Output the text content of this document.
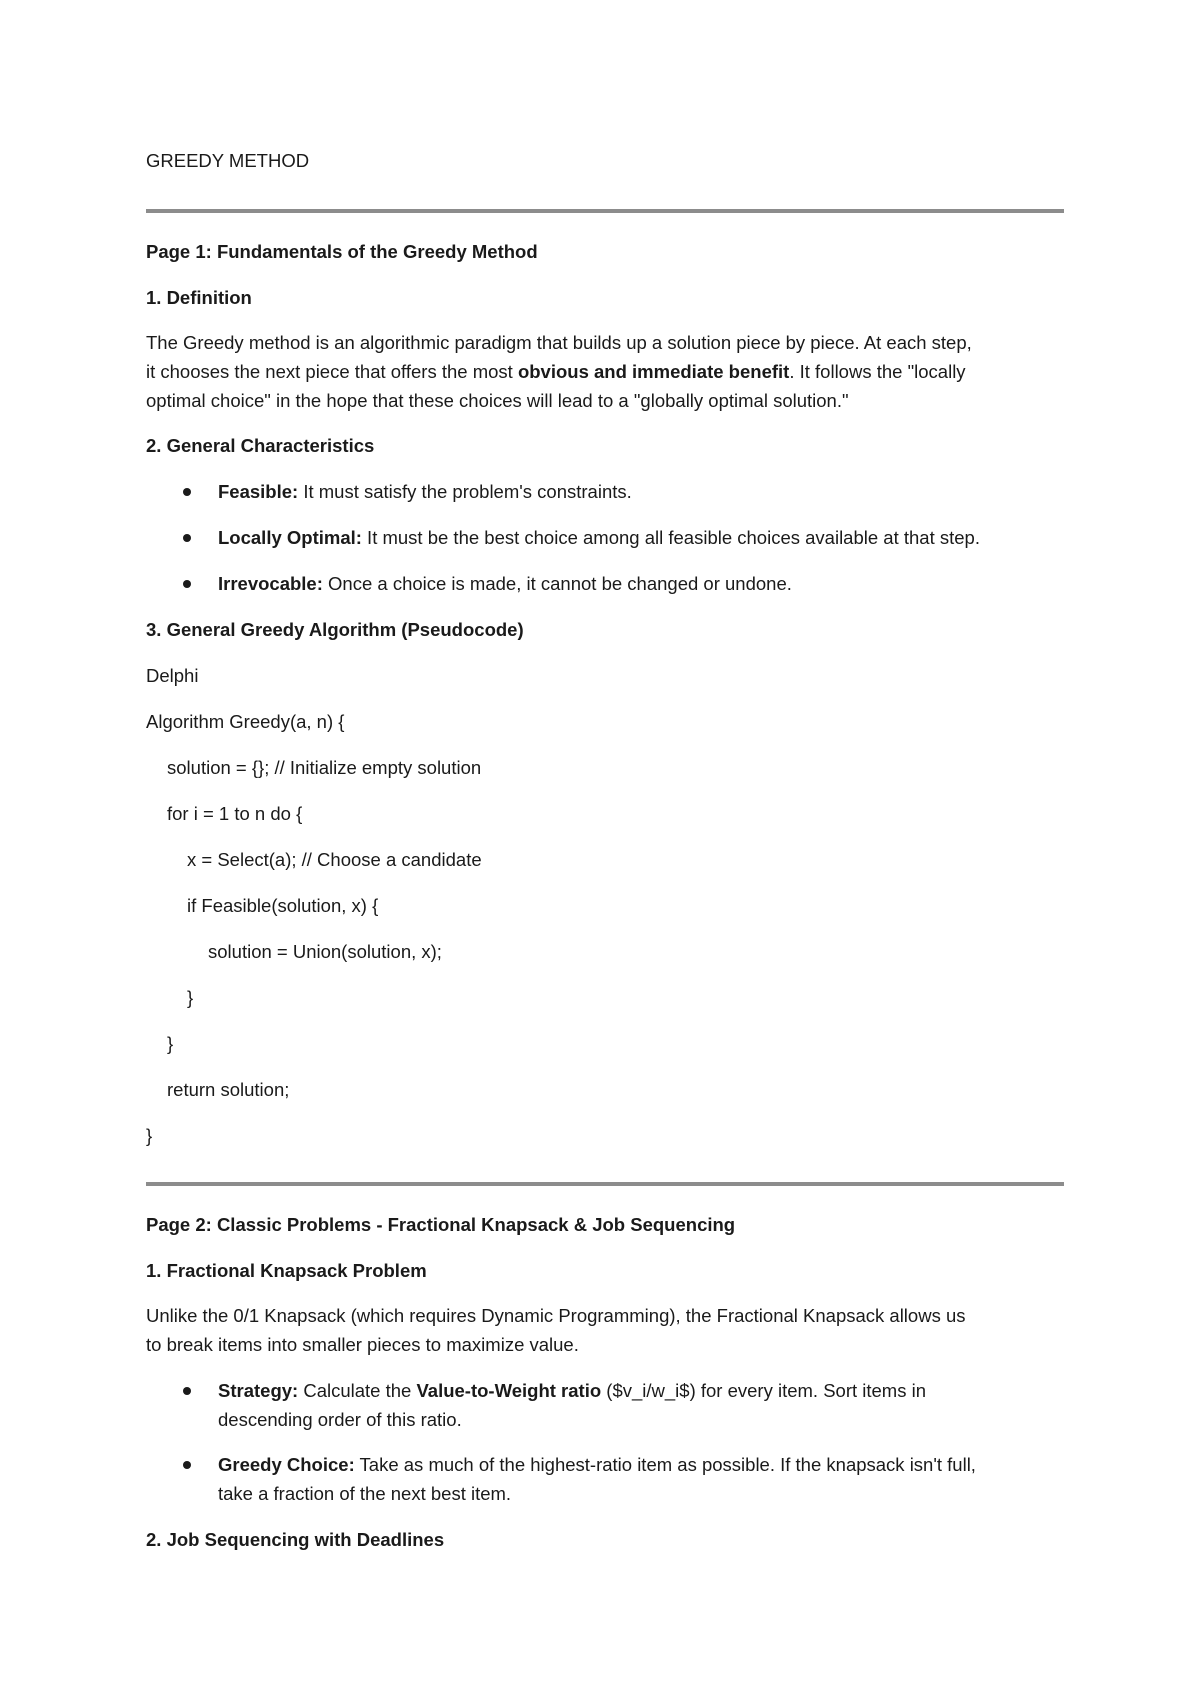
GREEDY METHOD
Page 1: Fundamentals of the Greedy Method
1. Definition
The Greedy method is an algorithmic paradigm that builds up a solution piece by piece. At each step,
it chooses the next piece that offers the most obvious and immediate benefit. It follows the "locally
optimal choice" in the hope that these choices will lead to a "globally optimal solution."
2. General Characteristics
Feasible: It must satisfy the problem's constraints.
Locally Optimal: It must be the best choice among all feasible choices available at that step.
Irrevocable: Once a choice is made, it cannot be changed or undone.
3. General Greedy Algorithm (Pseudocode)
Delphi
Algorithm Greedy(a, n) {
solution = {}; // Initialize empty solution
for i = 1 to n do {
x = Select(a); // Choose a candidate
if Feasible(solution, x) {
solution = Union(solution, x);
}
}
return solution;
}
Page 2: Classic Problems - Fractional Knapsack & Job Sequencing
1. Fractional Knapsack Problem
Unlike the 0/1 Knapsack (which requires Dynamic Programming), the Fractional Knapsack allows us
to break items into smaller pieces to maximize value.
Strategy: Calculate the Value-to-Weight ratio ($v_i/w_i$) for every item. Sort items in
descending order of this ratio.
Greedy Choice: Take as much of the highest-ratio item as possible. If the knapsack isn't full,
take a fraction of the next best item.
2. Job Sequencing with Deadlines
